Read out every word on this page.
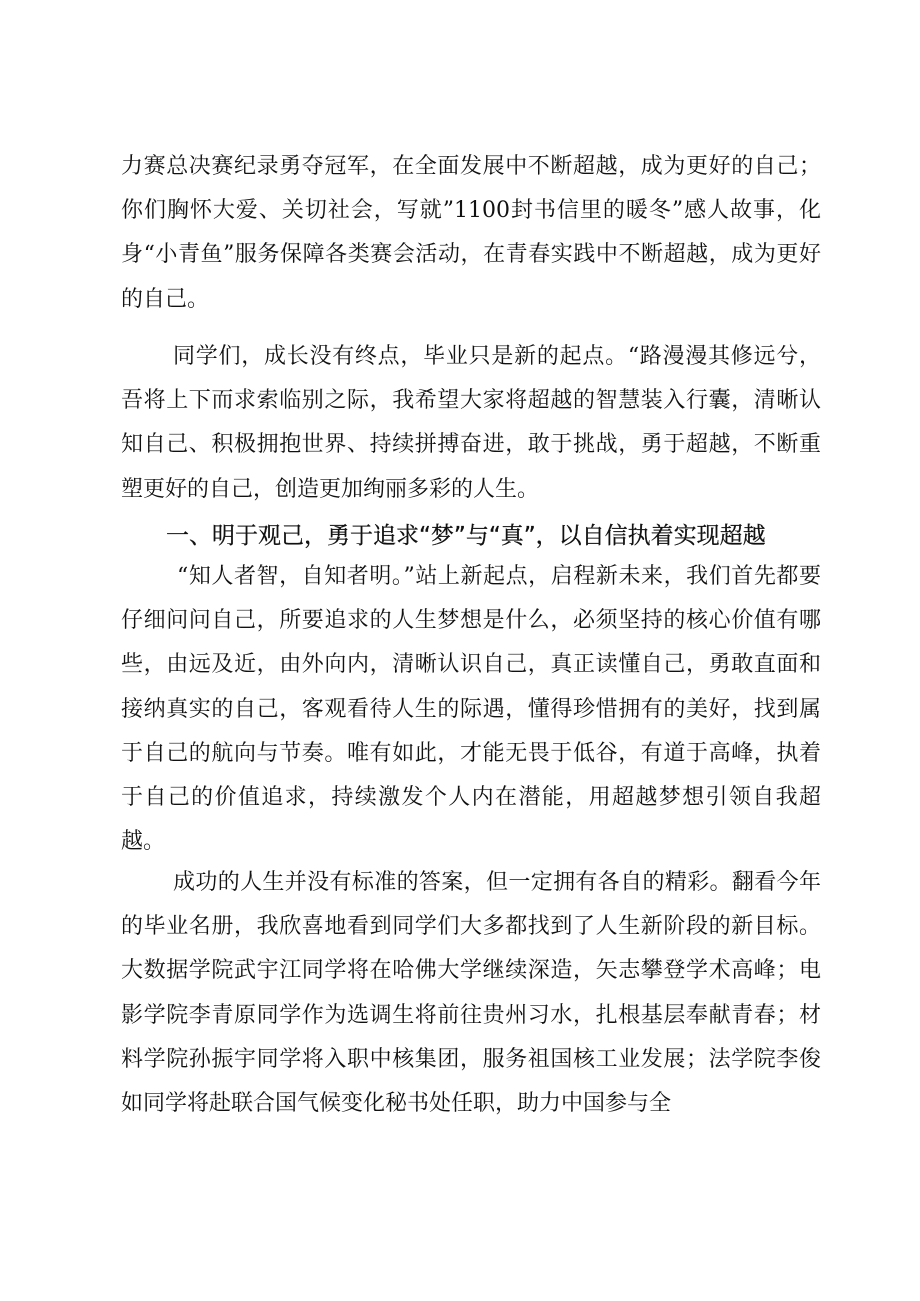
力赛总决赛纪录勇夺冠军，在全面发展中不断超越，成为更好的自己；你们胸怀大爱、关切社会，写就”1100封书信里的暖冬”感人故事，化身“小青鱼”服务保障各类赛会活动，在青春实践中不断超越，成为更好的自己。

同学们，成长没有终点，毕业只是新的起点。“路漫漫其修远兮，吾将上下而求索临别之际，我希望大家将超越的智慧装入行囊，清晰认知自己、积极拥抱世界、持续拼搏奋进，敢于挑战，勇于超越，不断重塑更好的自己，创造更加绚丽多彩的人生。

一、明于观己，勇于追求“梦”与“真”，以自信执着实现超越

“知人者智，自知者明。”站上新起点，启程新未来，我们首先都要仔细问问自己，所要追求的人生梦想是什么，必须坚持的核心价值有哪些，由远及近，由外向内，清晰认识自己，真正读懂自己，勇敢直面和接纳真实的自己，客观看待人生的际遇，懂得珍惜拥有的美好，找到属于自己的航向与节奏。唯有如此，才能无畏于低谷，有道于高峰，执着于自己的价值追求，持续激发个人内在潜能，用超越梦想引领自我超越。

成功的人生并没有标准的答案，但一定拥有各自的精彩。翻看今年的毕业名册，我欣喜地看到同学们大多都找到了人生新阶段的新目标。大数据学院武宇江同学将在哈佛大学继续深造，矢志攀登学术高峰；电影学院李青原同学作为选调生将前往贵州习水，扎根基层奉献青春；材料学院孙振宇同学将入职中核集团，服务祖国核工业发展；法学院李俊如同学将赴联合国气候变化秘书处任职，助力中国参与全
